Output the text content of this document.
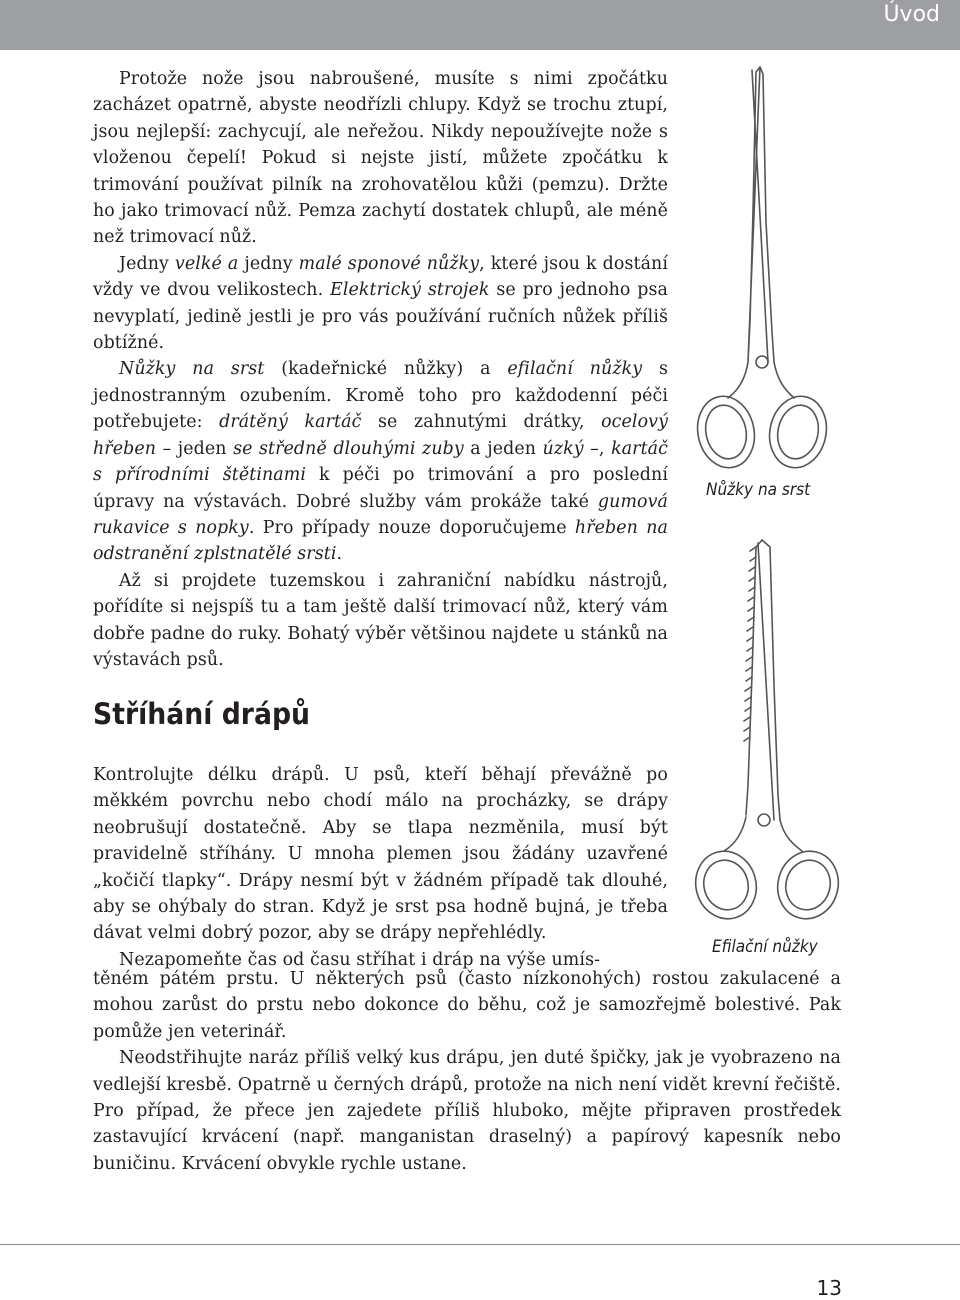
Úvod

Protože nože jsou nabroušené, musíte s nimi zpočátku zacházet opatrně, abyste neodřízli chlupy. Když se trochu ztupí, jsou nejlepší: zachycují, ale neřežou. Nikdy nepoužívejte nože s vloženou čepelí! Pokud si nejste jistí, můžete zpočátku k trimování používat pilník na zrohovatělou kůži (pemzu). Držte ho jako trimovací nůž. Pemza zachytí dostatek chlupů, ale méně než trimovací nůž.

Jedny velké a jedny malé sponové nůžky, které jsou k dostání vždy ve dvou velikostech. Elektrický strojek se pro jednoho psa nevyplatí, jedině jestli je pro vás používání ručních nůžek příliš obtížné.

Nůžky na srst (kadeřnické nůžky) a efilační nůžky s jednostranným ozubením. Kromě toho pro každodenní péči potřebujete: drátěný kartáč se zahnutými drátky, ocelový hřeben – jeden se středně dlouhými zuby a jeden úzký –, kartáč s přírodními štětinami k péči po trimování a pro poslední úpravy na výstavách. Dobré služby vám prokáže také gumová rukavice s nopky. Pro případy nouze doporučujeme hřeben na odstranění zplstnatělé srsti.

Až si projdete tuzemskou i zahraniční nabídku nástrojů, pořídíte si nejspíš tu a tam ještě další trimovací nůž, který vám dobře padne do ruky. Bohatý výběr většinou najdete u stánků na výstavách psů.

Stříhání drápů

Kontrolujte délku drápů. U psů, kteří běhají převážně po měkkém povrchu nebo chodí málo na procházky, se drápy neobrušují dostatečně. Aby se tlapa nezměnila, musí být pravidelně stříhány. U mnoha plemen jsou žádány uzavřené „kočičí tlapky“. Drápy nesmí být v žádném případě tak dlouhé, aby se ohýbaly do stran. Když je srst psa hodně bujná, je třeba dávat velmi dobrý pozor, aby se drápy nepřehlédly.

Nezapomeňte čas od času stříhat i dráp na výše umís-

těném pátém prstu. U některých psů (často nízkonohých) rostou zakulacené a mohou zarůst do prstu nebo dokonce do běhu, což je samozřejmě bolestivé. Pak pomůže jen veterinář.

Neodstřihujte naráz příliš velký kus drápu, jen duté špičky, jak je vyobrazeno na vedlejší kresbě. Opatrně u černých drápů, protože na nich není vidět krevní řečiště. Pro případ, že přece jen zajedete příliš hluboko, mějte připraven prostředek zastavující krvácení (např. manganistan draselný) a papírový kapesník nebo buničinu. Krvácení obvykle rychle ustane.

Nůžky na srst
Efilační nůžky
13
